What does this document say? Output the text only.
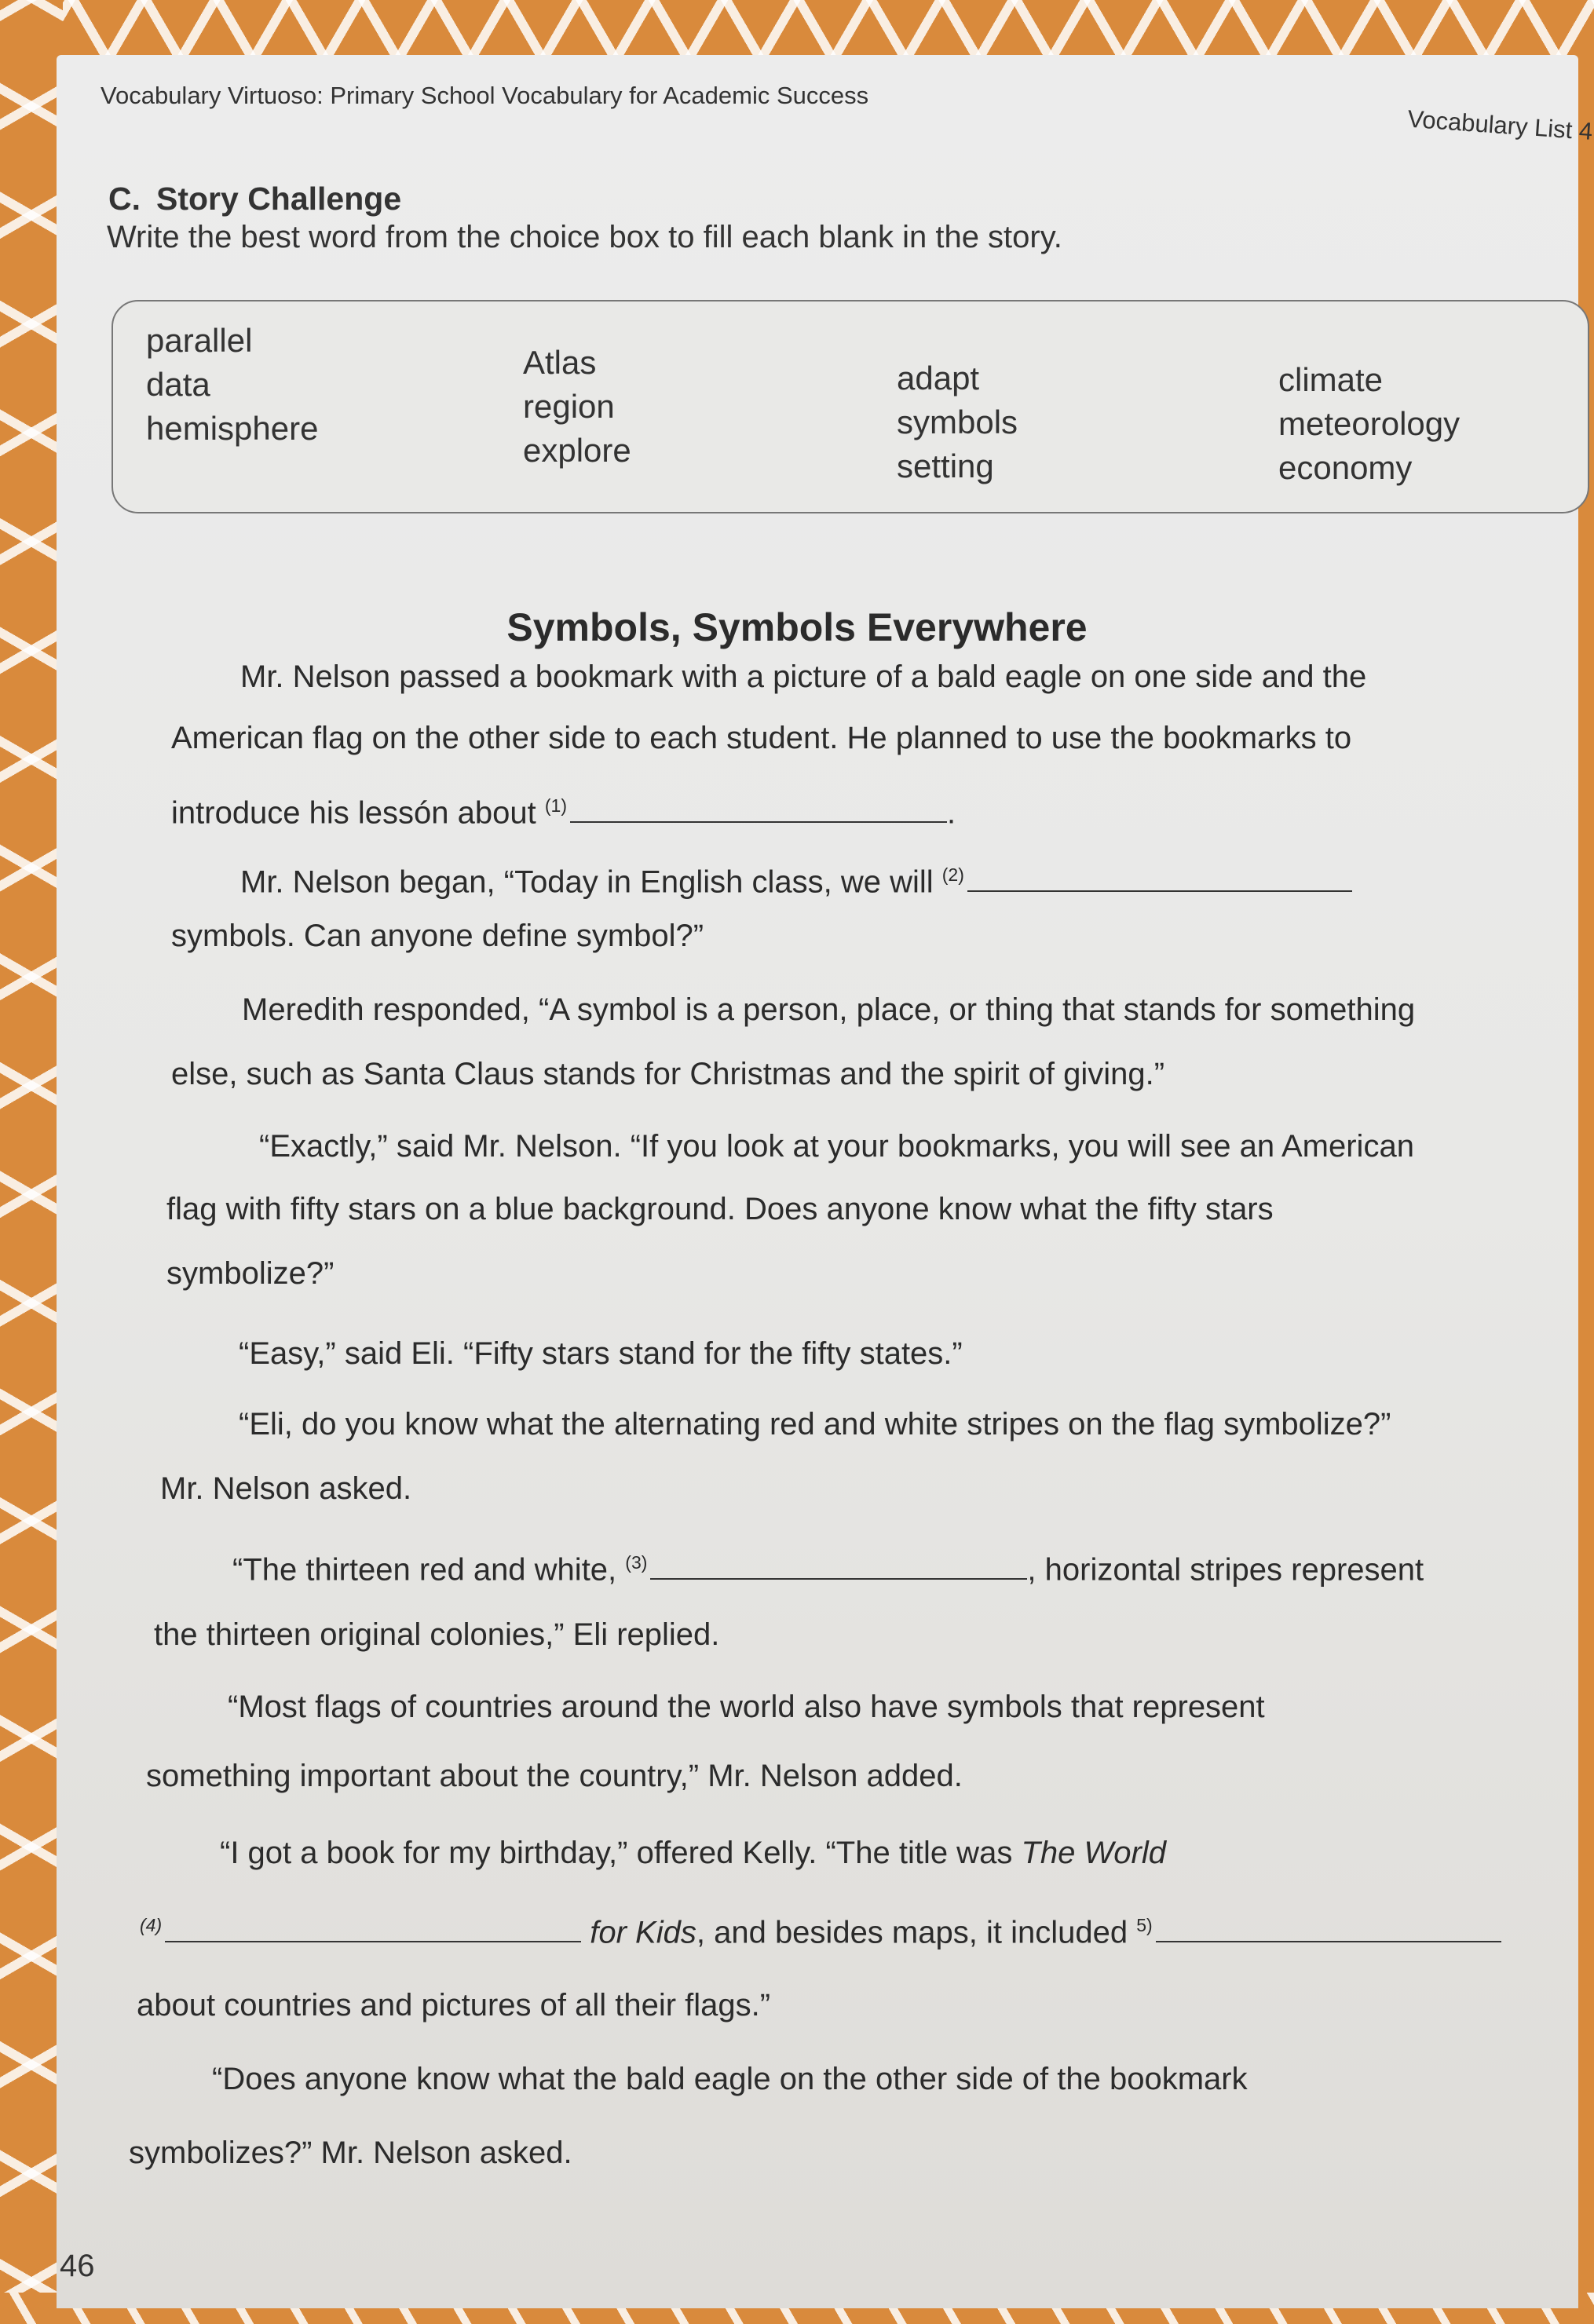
Vocabulary Virtuoso: Primary School Vocabulary for Academic Success
Vocabulary List 4
C. Story Challenge
Write the best word from the choice box to fill each blank in the story.
parallel
data
hemisphere
Atlas
region
explore
adapt
symbols
setting
climate
meteorology
economy
Symbols, Symbols Everywhere
Mr. Nelson passed a bookmark with a picture of a bald eagle on one side and the
American flag on the other side to each student. He planned to use the bookmarks to
introduce his lessón about $^{(1)}$	.
Mr. Nelson began, “Today in English class, we will $^{(2)}$
symbols. Can anyone define symbol?”
Meredith responded, “A symbol is a person, place, or thing that stands for something
else, such as Santa Claus stands for Christmas and the spirit of giving.”
“Exactly,” said Mr. Nelson. “If you look at your bookmarks, you will see an American
flag with fifty stars on a blue background. Does anyone know what the fifty stars
symbolize?”
“Easy,” said Eli. “Fifty stars stand for the fifty states.”
“Eli, do you know what the alternating red and white stripes on the flag symbolize?”
Mr. Nelson asked.
“The thirteen red and white, $^{(3)}$	, horizontal stripes represent
the thirteen original colonies,” Eli replied.
“Most flags of countries around the world also have symbols that represent
something important about the country,” Mr. Nelson added.
“I got a book for my birthday,” offered Kelly. “The title was The World
$^{(4)}$	for Kids, and besides maps, it included $^{5)}$
about countries and pictures of all their flags.”
“Does anyone know what the bald eagle on the other side of the bookmark
symbolizes?” Mr. Nelson asked.
46
